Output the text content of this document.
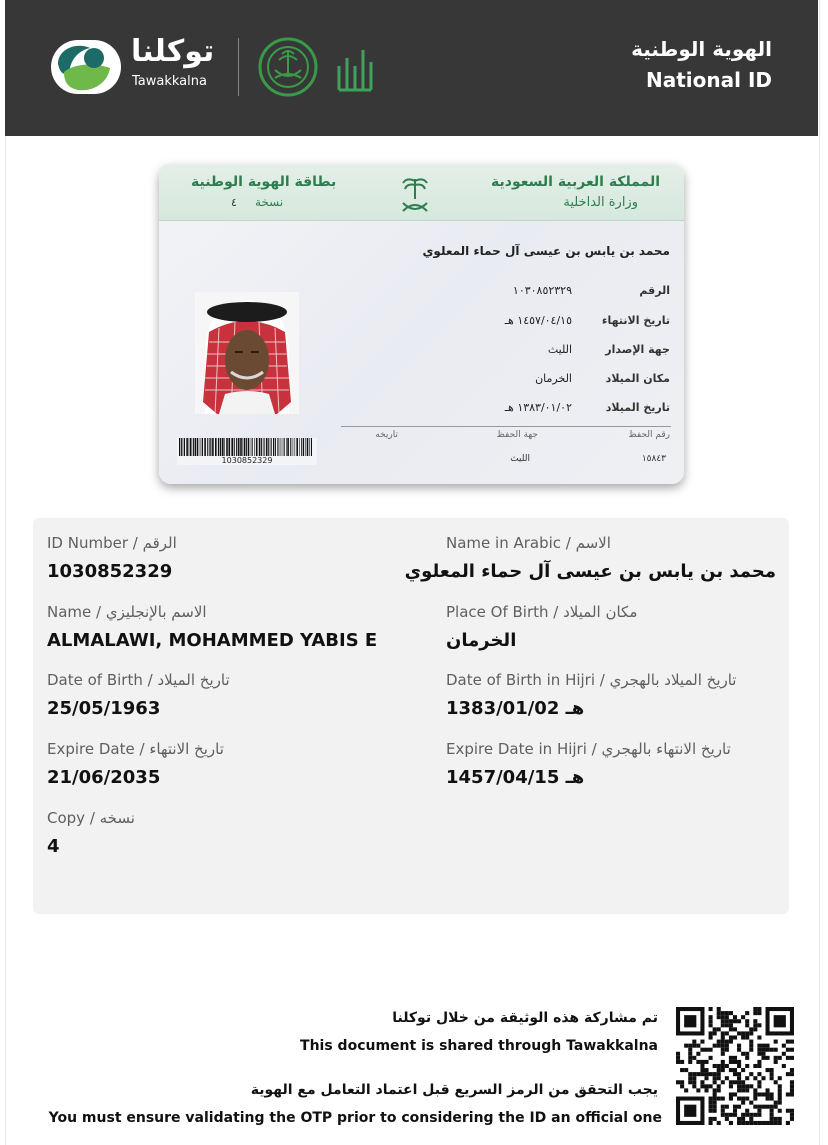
توكلنا
Tawakkalna
الهوية الوطنية
National ID
المملكة العربية السعودية
وزارة الداخلية
بطاقة الهوية الوطنية
نسخة
٤
محمد بن يابس بن عيسى آل حماء المعلوي
الرقم
١٠٣٠٨٥٢٣٢٩
تاريخ الانتهاء
١٤٥٧/٠٤/١٥ هـ
جهة الإصدار
الليث
مكان الميلاد
الخرمان
تاريخ الميلاد
١٣٨٣/٠١/٠٢ هـ
رقم الحفظ
جهة الحفظ
تاريخه
١٥٨٤٣
الليث
1030852329
ID Number / الرقم
1030852329
Name in Arabic / الاسم
محمد بن يابس بن عيسى آل حماء المعلوي
Name / الاسم بالإنجليزي
ALMALAWI, MOHAMMED YABIS E
Place Of Birth / مكان الميلاد
الخرمان
Date of Birth / تاريخ الميلاد
25/05/1963
Date of Birth in Hijri / تاريخ الميلاد بالهجري
1383/01/02 هـ
Expire Date / تاريخ الانتهاء
21/06/2035
Expire Date in Hijri / تاريخ الانتهاء بالهجري
1457/04/15 هـ
Copy / نسخه
4
تم مشاركة هذه الوثيقة من خلال توكلنا
This document is shared through Tawakkalna
يجب التحقق من الرمز السريع قبل اعتماد التعامل مع الهوية
You must ensure validating the OTP prior to considering the ID an official one
